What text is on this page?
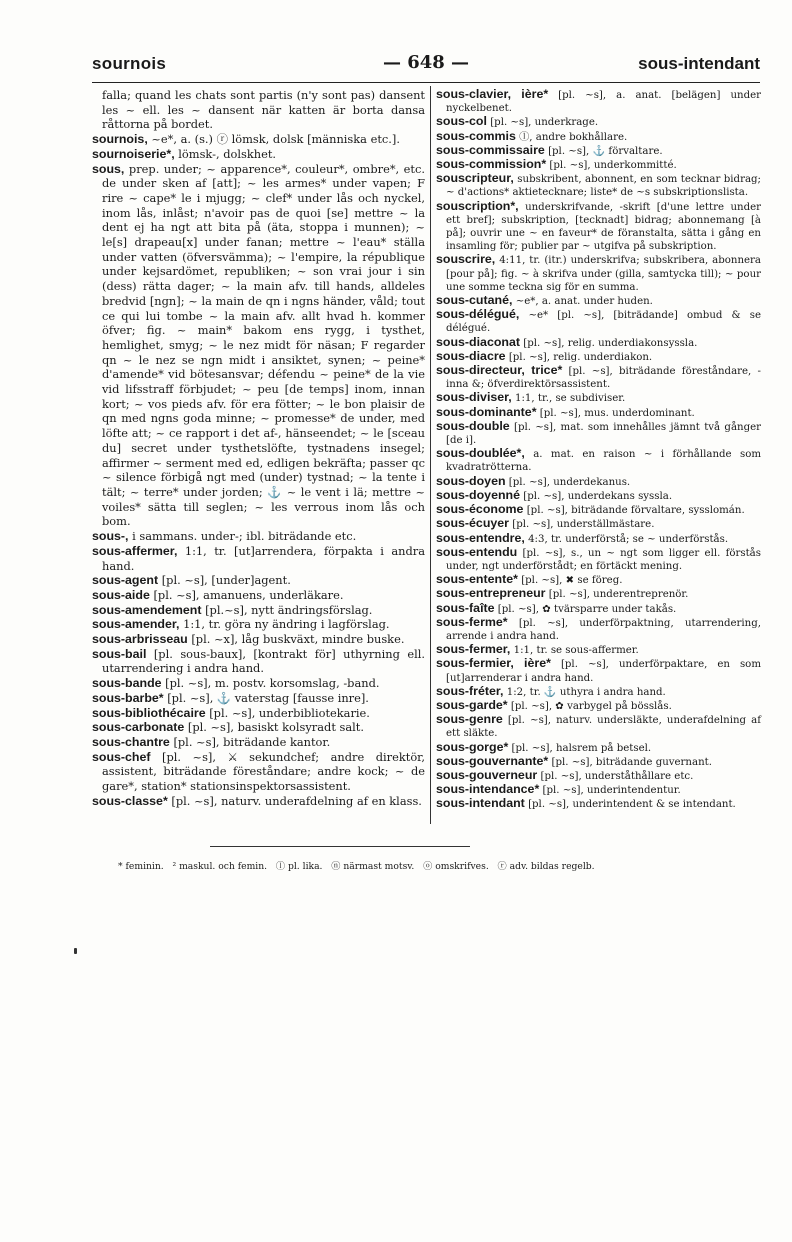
sournois	— 648 —	sous-intendant

falla; quand les chats sont partis (n'y sont pas) dansent les ~ ell. les ~ dansent när katten är borta dansa råttorna på bordet.

sournois, ~e*, a. (s.) ⓡ lömsk, dolsk [människa etc.].

sournoiserie*, lömsk-, dolskhet.

sous, prep. under; ~ apparence*, couleur*, ombre*, etc. de under sken af [att]; ~ les armes* under vapen; F rire ~ cape* le i mjugg; ~ clef* under lås och nyckel, inom lås, inlåst; n'avoir pas de quoi [se] mettre ~ la dent ej ha ngt att bita på (äta, stoppa i munnen); ~ le[s] drapeau[x] under fanan; mettre ~ l'eau* ställa under vatten (öfversvämma); ~ l'empire, la république under kejsardömet, republiken; ~ son vrai jour i sin (dess) rätta dager; ~ la main afv. till hands, alldeles bredvid [ngn]; ~ la main de qn i ngns händer, våld; tout ce qui lui tombe ~ la main afv. allt hvad h. kommer öfver; fig. ~ main* bakom ens rygg, i tysthet, hemlighet, smyg; ~ le nez midt för näsan; F regarder qn ~ le nez se ngn midt i ansiktet, synen; ~ peine* d'amende* vid bötesansvar; défendu ~ peine* de la vie vid lifsstraff förbjudet; ~ peu [de temps] inom, innan kort; ~ vos pieds afv. för era fötter; ~ le bon plaisir de qn med ngns goda minne; ~ promesse* de under, med löfte att; ~ ce rapport i det af-, hänseendet; ~ le [sceau du] secret under tysthetslöfte, tystnadens insegel; affirmer ~ serment med ed, edligen bekräfta; passer qc ~ silence förbigå ngt med (under) tystnad; ~ la tente i tält; ~ terre* under jorden; ⚓ ~ le vent i lä; mettre ~ voiles* sätta till seglen; ~ les verrous inom lås och bom.

sous-, i sammans. under-; ibl. biträdande etc.

sous-affermer, 1:1, tr. [ut]arrendera, förpakta i andra hand.

sous-agent [pl. ~s], [under]agent.

sous-aide [pl. ~s], amanuens, underläkare.

sous-amendement [pl.~s], nytt ändringsförslag.

sous-amender, 1:1, tr. göra ny ändring i lagförslag.

sous-arbrisseau [pl. ~x], låg buskväxt, mindre buske.

sous-bail [pl. sous-baux], [kontrakt för] uthyrning ell. utarrendering i andra hand.

sous-bande [pl. ~s], m. postv. korsomslag, -band.

sous-barbe* [pl. ~s], ⚓ vaterstag [fausse inre].

sous-bibliothécaire [pl. ~s], underbibliotekarie.

sous-carbonate [pl. ~s], basiskt kolsyradt salt.

sous-chantre [pl. ~s], biträdande kantor.

sous-chef [pl. ~s], ⚔ sekundchef; andre direktör, assistent, biträdande föreståndare; andre kock; ~ de gare*, station* stationsinspektorsassistent.

sous-classe* [pl. ~s], naturv. underafdelning af en klass.

sous-clavier, ière* [pl. ~s], a. anat. [belägen] under nyckelbenet.

sous-col [pl. ~s], underkrage.

sous-commis ⓛ, andre bokhållare.

sous-commissaire [pl. ~s], ⚓ förvaltare.

sous-commission* [pl. ~s], underkommitté.

souscripteur, subskribent, abonnent, en som tecknar bidrag; ~ d'actions* aktietecknare; liste* de ~s subskriptionslista.

souscription*, underskrifvande, -skrift [d'une lettre under ett bref]; subskription, [tecknadt] bidrag; abonnemang [à på]; ouvrir une ~ en faveur* de föranstalta, sätta i gång en insamling för; publier par ~ utgifva på subskription.

souscrire, 4:11, tr. (itr.) underskrifva; subskribera, abonnera [pour på]; fig. ~ à skrifva under (gilla, samtycka till); ~ pour une somme teckna sig för en summa.

sous-cutané, ~e*, a. anat. under huden.

sous-délégué, ~e* [pl. ~s], [biträdande] ombud & se délégué.

sous-diaconat [pl. ~s], relig. underdiakonsyssla.

sous-diacre [pl. ~s], relig. underdiakon.

sous-directeur, trice* [pl. ~s], biträdande föreståndare, -inna &; öfverdirektörsassistent.

sous-diviser, 1:1, tr., se subdiviser.

sous-dominante* [pl. ~s], mus. underdominant.

sous-double [pl. ~s], mat. som innehålles jämnt två gånger [de i].

sous-doublée*, a. mat. en raison ~ i förhållande som kvadratrötterna.

sous-doyen [pl. ~s], underdekanus.

sous-doyenné [pl. ~s], underdekans syssla.

sous-économe [pl. ~s], biträdande förvaltare, sysslomán.

sous-écuyer [pl. ~s], underställmästare.

sous-entendre, 4:3, tr. underförstå; se ~ underförstås.

sous-entendu [pl. ~s], s., un ~ ngt som ligger ell. förstås under, ngt underförstådt; en förtäckt mening.

sous-entente* [pl. ~s], ✖ se föreg.

sous-entrepreneur [pl. ~s], underentreprenör.

sous-faîte [pl. ~s], ✿ tvärsparre under takås.

sous-ferme* [pl. ~s], underförpaktning, utarrendering, arrende i andra hand.

sous-fermer, 1:1, tr. se sous-affermer.

sous-fermier, ière* [pl. ~s], underförpaktare, en som [ut]arrenderar i andra hand.

sous-fréter, 1:2, tr. ⚓ uthyra i andra hand.

sous-garde* [pl. ~s], ✿ varbygel på bösslås.

sous-genre [pl. ~s], naturv. undersläkte, underafdelning af ett släkte.

sous-gorge* [pl. ~s], halsrem på betsel.

sous-gouvernante* [pl. ~s], biträdande guvernant.

sous-gouverneur [pl. ~s], underståthållare etc.

sous-intendance* [pl. ~s], underintendentur.

sous-intendant [pl. ~s], underintendent & se intendant.

* feminin. ² maskul. och femin. ⓛ pl. lika. ⓝ närmast motsv. ⓞ omskrifves. ⓡ adv. bildas regelb.
